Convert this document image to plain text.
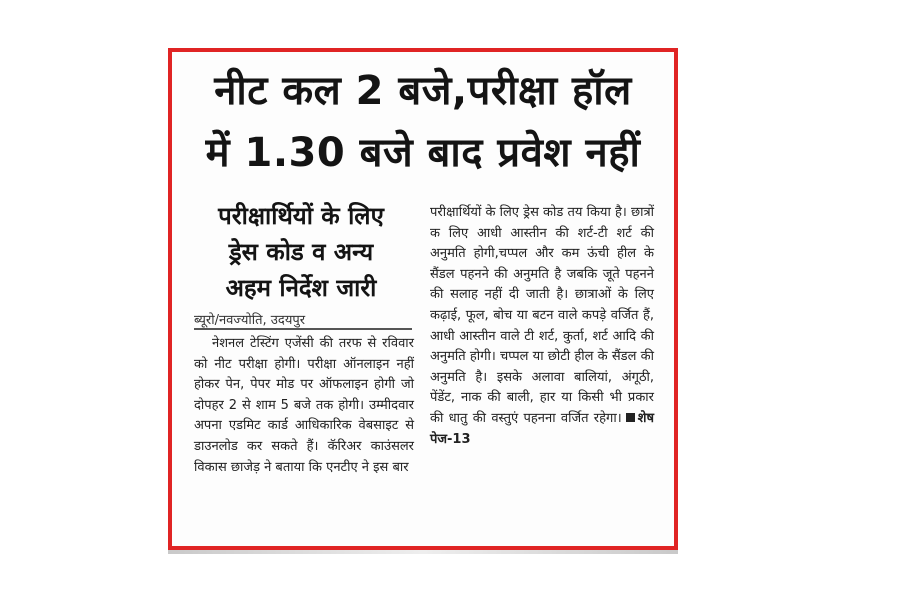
नीट कल 2 बजे,परीक्षा हॉल
में 1.30 बजे बाद प्रवेश नहीं
परीक्षार्थियों के लिए
ड्रेस कोड व अन्य
अहम निर्देश जारी
ब्यूरो/नवज्योति, उदयपुर
नेशनल टेस्टिंग एजेंसी की तरफ से रविवार को नीट परीक्षा होगी। परीक्षा ऑनलाइन नहीं होकर पेन, पेपर मोड पर ऑफलाइन होगी जो दोपहर 2 से शाम 5 बजे तक होगी। उम्मीदवार अपना एडमिट कार्ड आधिकारिक वेबसाइट से डाउनलोड कर सकते हैं। कॅरिअर काउंसलर विकास छाजेड़ ने बताया कि एनटीए ने इस बार
परीक्षार्थियों के लिए ड्रेस कोड तय किया है। छात्रों क लिए आधी आस्तीन की शर्ट-टी शर्ट की अनुमति होगी,चप्पल और कम ऊंची हील के सैंडल पहनने की अनुमति है जबकि जूते पहनने की सलाह नहीं दी जाती है। छात्राओं के लिए कढ़ाई, फूल, बोच या बटन वाले कपड़े वर्जित हैं, आधी आस्तीन वाले टी शर्ट, कुर्ता, शर्ट आदि की अनुमति होगी। चप्पल या छोटी हील के सैंडल की अनुमति है। इसके अलावा बालियां, अंगूठी, पेंडेंट, नाक की बाली, हार या किसी भी प्रकार की धातु की वस्तुएं पहनना वर्जित रहेगा। शेष पेज-13
